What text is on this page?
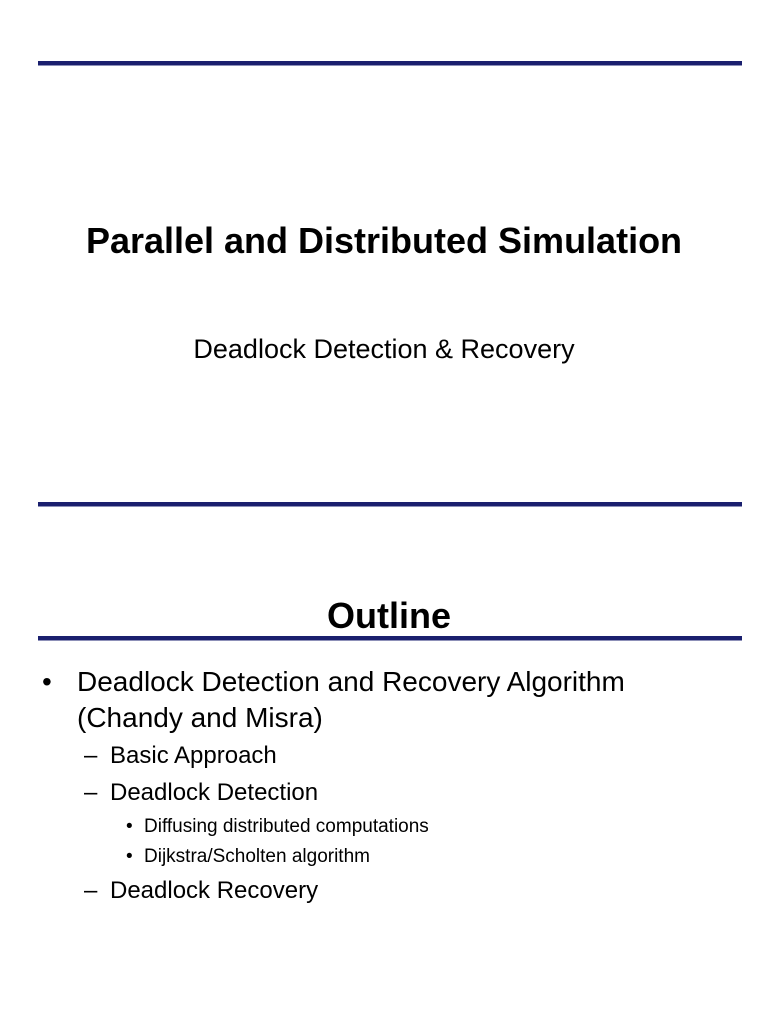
Parallel and Distributed Simulation
Deadlock Detection & Recovery
Outline
• Deadlock Detection and Recovery Algorithm
(Chandy and Misra)
– Basic Approach
– Deadlock Detection
• Diffusing distributed computations
• Dijkstra/Scholten algorithm
– Deadlock Recovery
